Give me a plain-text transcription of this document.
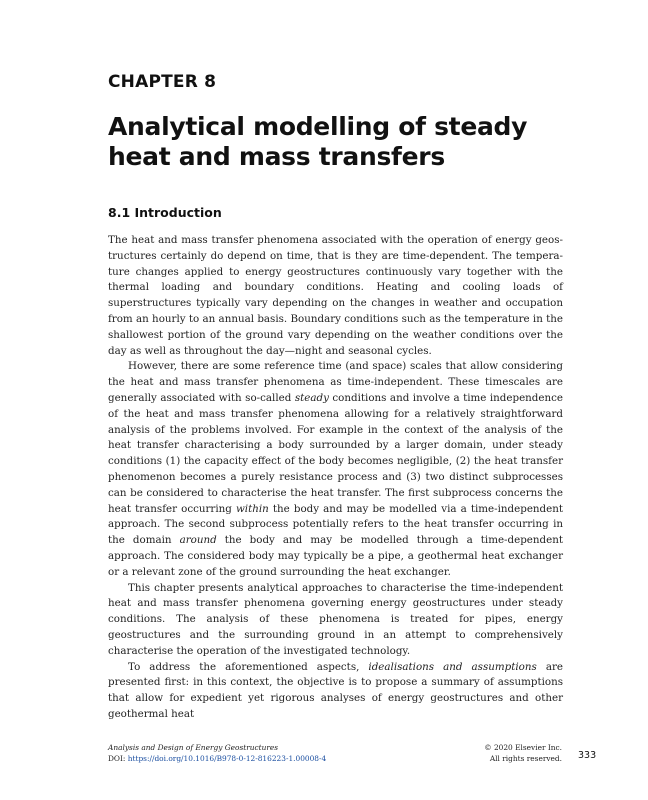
CHAPTER 8
Analytical modelling of steady heat and mass transfers
8.1 Introduction

The heat and mass transfer phenomena associated with the operation of energy geostructures certainly do depend on time, that is they are time-dependent. The temperature changes applied to energy geostructures continuously vary together with the thermal loading and boundary conditions. Heating and cooling loads of superstructures typically vary depending on the changes in weather and occupation from an hourly to an annual basis. Boundary conditions such as the temperature in the shallowest portion of the ground vary depending on the weather conditions over the day as well as throughout the day—night and seasonal cycles.

However, there are some reference time (and space) scales that allow considering the heat and mass transfer phenomena as time-independent. These timescales are generally associated with so-called steady conditions and involve a time independence of the heat and mass transfer phenomena allowing for a relatively straightforward analysis of the problems involved. For example in the context of the analysis of the heat transfer characterising a body surrounded by a larger domain, under steady conditions (1) the capacity effect of the body becomes negligible, (2) the heat transfer phenomenon becomes a purely resistance process and (3) two distinct subprocesses can be considered to characterise the heat transfer. The first subprocess concerns the heat transfer occurring within the body and may be modelled via a time-independent approach. The second subprocess potentially refers to the heat transfer occurring in the domain around the body and may be modelled through a time-dependent approach. The considered body may typically be a pipe, a geothermal heat exchanger or a relevant zone of the ground surrounding the heat exchanger.

This chapter presents analytical approaches to characterise the time-independent heat and mass transfer phenomena governing energy geostructures under steady conditions. The analysis of these phenomena is treated for pipes, energy geostructures and the surrounding ground in an attempt to comprehensively characterise the operation of the investigated technology.

To address the aforementioned aspects, idealisations and assumptions are presented first: in this context, the objective is to propose a summary of assumptions that allow for expedient yet rigorous analyses of energy geostructures and other geothermal heat

Analysis and Design of Energy Geostructures
DOI: https://doi.org/10.1016/B978-0-12-816223-1.00008-4
© 2020 Elsevier Inc.
All rights reserved. 333
